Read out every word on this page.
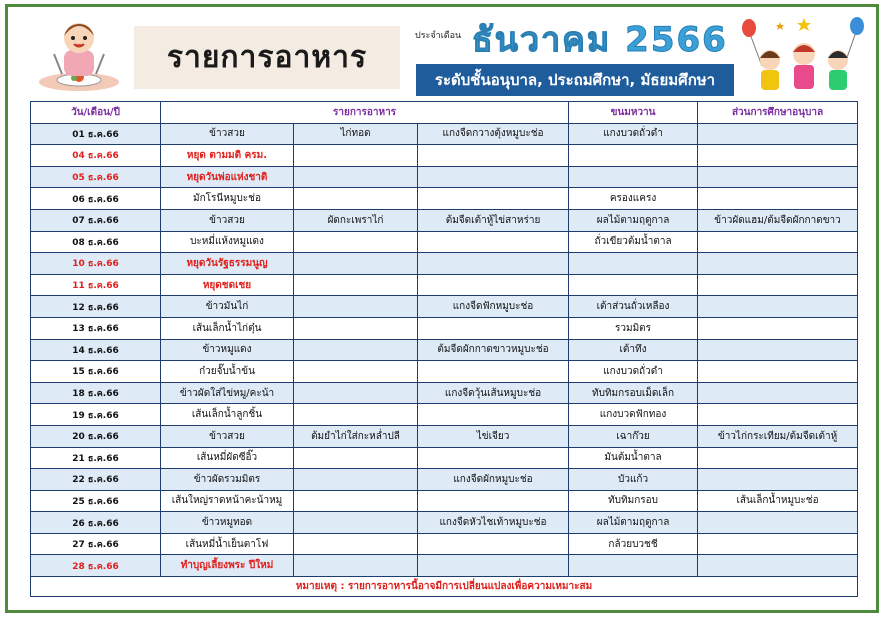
รายการอาหาร
ประจำเดือน ธันวาคม 2566
ระดับชั้นอนุบาล, ประถมศึกษา, มัธยมศึกษา
วัน/เดือน/ปี	รายการอาหาร			ขนมหวาน	ส่วนการศึกษาอนุบาล
01 ธ.ค.66	ข้าวสวย	ไก่ทอด	แกงจืดกวางตุ้งหมูบะช่อ	แกงบวดถั่วดำ	
04 ธ.ค.66	หยุด ตามมติ ครม.				
05 ธ.ค.66	หยุดวันพ่อแห่งชาติ				
06 ธ.ค.66	มักโรนีหมูบะช่อ			ครองแครง	
07 ธ.ค.66	ข้าวสวย	ผัดกะเพราไก่	ต้มจืดเต้าหู้ไข่สาหร่าย	ผลไม้ตามฤดูกาล	ข้าวผัดแฮม/ต้มจืดผักกาดขาว
08 ธ.ค.66	บะหมี่แห้งหมูแดง			ถั่วเขียวต้มน้ำตาล	
10 ธ.ค.66	หยุดวันรัฐธรรมนูญ				
11 ธ.ค.66	หยุดชดเชย				
12 ธ.ค.66	ข้าวมันไก่		แกงจืดฟักหมูบะช่อ	เต้าส่วนถั่วเหลือง	
13 ธ.ค.66	เส้นเล็กน้ำไก่ตุ๋น			รวมมิตร	
14 ธ.ค.66	ข้าวหมูแดง		ต้มจืดผักกาดขาวหมูบะช่อ	เต้าทึง	
15 ธ.ค.66	ก๋วยจั๊บน้ำข้น			แกงบวดถั่วดำ	
18 ธ.ค.66	ข้าวผัดใส่ไข่หมู/คะน้า		แกงจืดวุ้นเส้นหมูบะช่อ	ทับทิมกรอบเม็ดเล็ก	
19 ธ.ค.66	เส้นเล็กน้ำลูกชิ้น			แกงบวดฟักทอง	
20 ธ.ค.66	ข้าวสวย	ต้มยำไก่ใส่กะหล่ำปลี	ไข่เจียว	เฉาก๊วย	ข้าวไก่กระเทียม/ต้มจืดเต้าหู้
21 ธ.ค.66	เส้นหมี่ผัดซีอิ๊ว			มันต้มน้ำตาล	
22 ธ.ค.66	ข้าวผัดรวมมิตร		แกงจืดผักหมูบะช่อ	บัวแก้ว	
25 ธ.ค.66	เส้นใหญ่ราดหน้าคะน้าหมู			ทับทิมกรอบ	เส้นเล็กน้ำหมูบะช่อ
26 ธ.ค.66	ข้าวหมูทอด		แกงจืดหัวไชเท้าหมูบะช่อ	ผลไม้ตามฤดูกาล	
27 ธ.ค.66	เส้นหมี่น้ำเย็นตาโฟ			กล้วยบวชชี	
28 ธ.ค.66	ทำบุญเลี้ยงพระ ปีใหม่				
หมายเหตุ : รายการอาหารนี้อาจมีการเปลี่ยนแปลงเพื่อความเหมาะสม					
